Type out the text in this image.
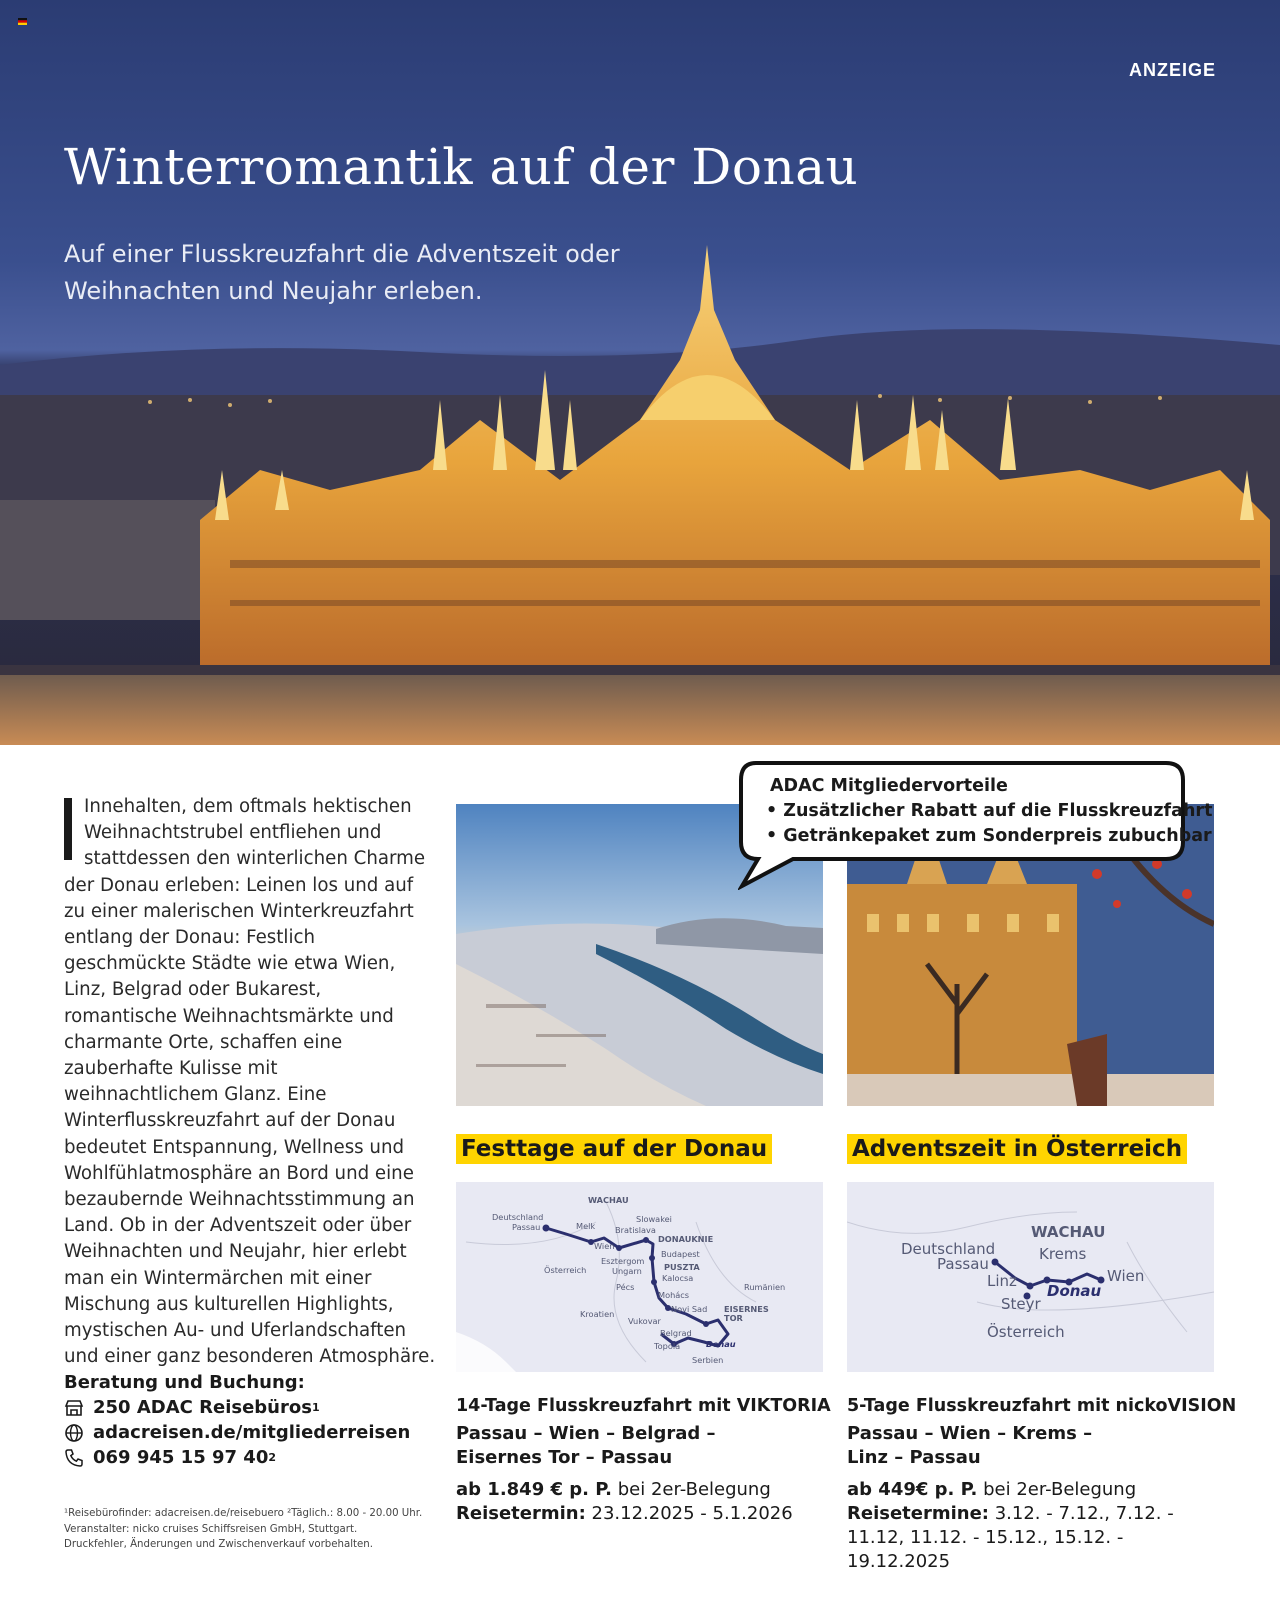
ANZEIGE
Winterromantik auf der Donau

Auf einer Flusskreuzfahrt die Adventszeit oder Weihnachten und Neujahr erleben.

Innehalten, dem oftmals hektischen Weihnachtstrubel entfliehen und stattdessen den winterlichen Charme der Donau erleben: Leinen los und auf zu einer malerischen Winterkreuzfahrt entlang der Donau: Festlich geschmückte Städte wie etwa Wien, Linz, Belgrad oder Bukarest, romantische Weihnachtsmärkte und charmante Orte, schaffen eine zauberhafte Kulisse mit weihnachtlichem Glanz. Eine Winterflusskreuzfahrt auf der Donau bedeutet Entspannung, Wellness und Wohlfühlatmosphäre an Bord und eine bezaubernde Weihnachtsstimmung an Land. Ob in der Adventszeit oder über Weihnachten und Neujahr, hier erlebt man ein Wintermärchen mit einer Mischung aus kulturellen Highlights, mystischen Au- und Uferlandschaften und einer ganz besonderen Atmosphäre.
Beratung und Buchung:
250 ADAC Reisebüros 1
adacreisen.de/mitgliederreisen
069 945 15 97 40 2
¹Reisebürofinder: adacreisen.de/reisebuero ²Täglich.: 8.00 - 20.00 Uhr.
Veranstalter: nicko cruises Schiffsreisen GmbH, Stuttgart.
Druckfehler, Änderungen und Zwischenverkauf vorbehalten.
ADAC Mitgliedervorteile
• Zusätzlicher Rabatt auf die Flusskreuzfahrt
• Getränkepaket zum Sonderpreis zubuchbar
Festtage auf der Donau	Adventszeit in Österreich
WACHAU
Deutschland
Passau	Melk
Slowakei
Bratislava
DONAUKNIE
Wien
Esztergom
Budapest
Österreich	Ungarn	PUSZTA
Kalocsa
Pécs
Mohács
Rumänien
Novi Sad EISERNES
TOR
Kroatien
Vukovar
Belgrad
Donau
Topola
Serbien
WACHAU
Deutschland	Krems
Passau
Linz	Wien
Donau
Steyr
Österreich
14-Tage Flusskreuzfahrt mit VIKTORIA
Passau – Wien – Belgrad –
Eisernes Tor – Passau
ab 1.849 € p. P. bei 2er-Belegung
Reisetermin: 23.12.2025 - 5.1.2026
5-Tage Flusskreuzfahrt mit nickoVISION
Passau – Wien – Krems –
Linz – Passau
ab 449€ p. P. bei 2er-Belegung
Reisetermine: 3.12. - 7.12., 7.12. - 11.12, 11.12. - 15.12., 15.12. - 19.12.2025
